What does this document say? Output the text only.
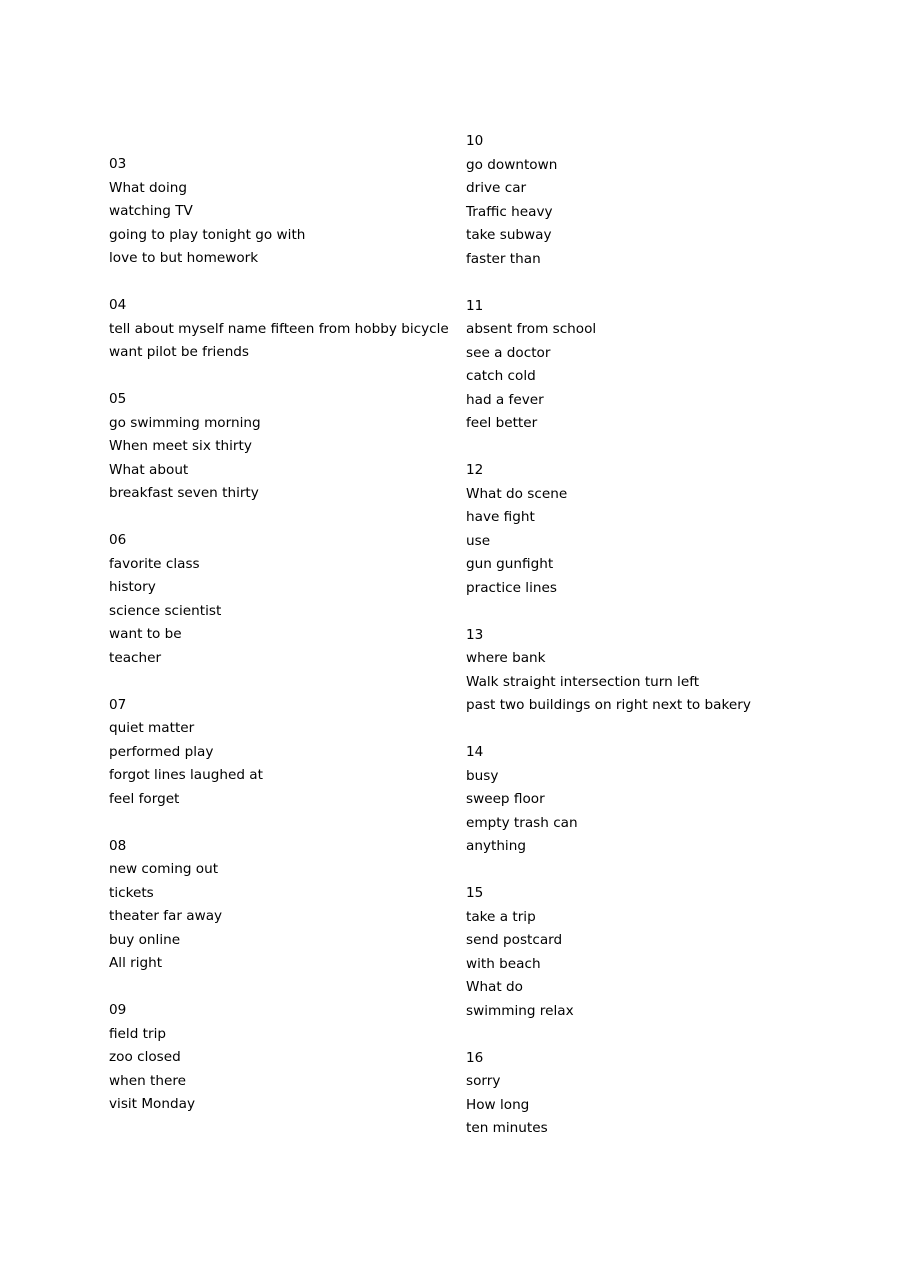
03
What doing
watching TV
going to play tonight go with
love to but homework
04
tell about myself name fifteen from hobby bicycle
want pilot be friends
05
go swimming morning
When meet six thirty
What about
breakfast seven thirty
06
favorite class
history
science scientist
want to be
teacher
07
quiet matter
performed play
forgot lines laughed at
feel forget
08
new coming out
tickets
theater far away
buy online
All right
09
field trip
zoo closed
when there
visit Monday
10
go downtown
drive car
Traffic heavy
take subway
faster than
11
absent from school
see a doctor
catch cold
had a fever
feel better
12
What do scene
have fight
use
gun gunfight
practice lines
13
where bank
Walk straight intersection turn left
past two buildings on right next to bakery
14
busy
sweep floor
empty trash can
anything
15
take a trip
send postcard
with beach
What do
swimming relax
16
sorry
How long
ten minutes
